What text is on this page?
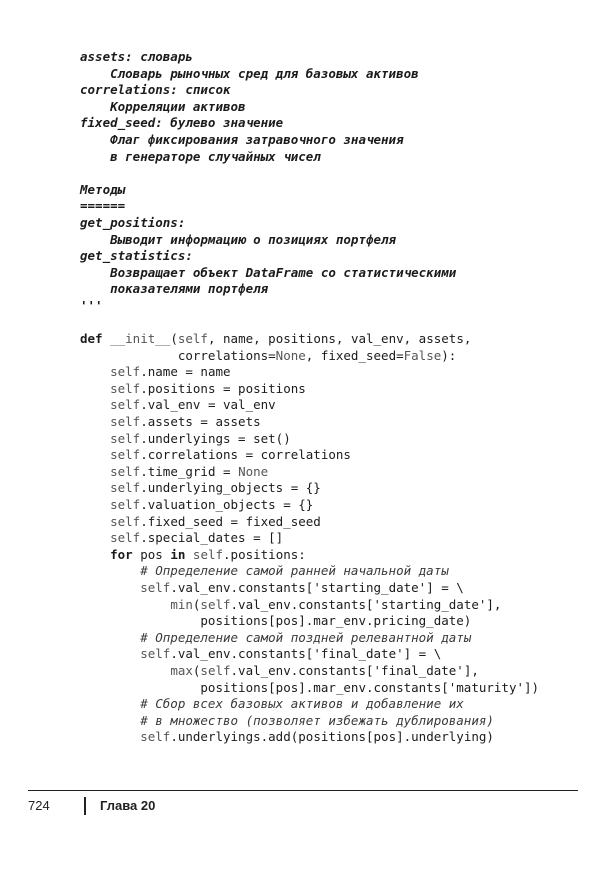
assets: словарь
Словарь рыночных сред для базовых активов
correlations: список
Корреляции активов
fixed_seed: булево значение
Флаг фиксирования затравочного значения
в генераторе случайных чисел
Методы
======
get_positions:
Выводит информацию о позициях портфеля
get_statistics:
Возвращает объект DataFrame со статистическими
показателями портфеля
'''
def __init__(self, name, positions, val_env, assets,
correlations=None, fixed_seed=False):
self.name = name
self.positions = positions
self.val_env = val_env
self.assets = assets
self.underlyings = set()
self.correlations = correlations
self.time_grid = None
self.underlying_objects = {}
self.valuation_objects = {}
self.fixed_seed = fixed_seed
self.special_dates = []
for pos in self.positions:
# Определение самой ранней начальной даты
self.val_env.constants['starting_date'] = \
min(self.val_env.constants['starting_date'],
positions[pos].mar_env.pricing_date)
# Определение самой поздней релевантной даты
self.val_env.constants['final_date'] = \
max(self.val_env.constants['final_date'],
positions[pos].mar_env.constants['maturity'])
# Сбор всех базовых активов и добавление их
# в множество (позволяет избежать дублирования)
self.underlyings.add(positions[pos].underlying)
724	Глава 20
